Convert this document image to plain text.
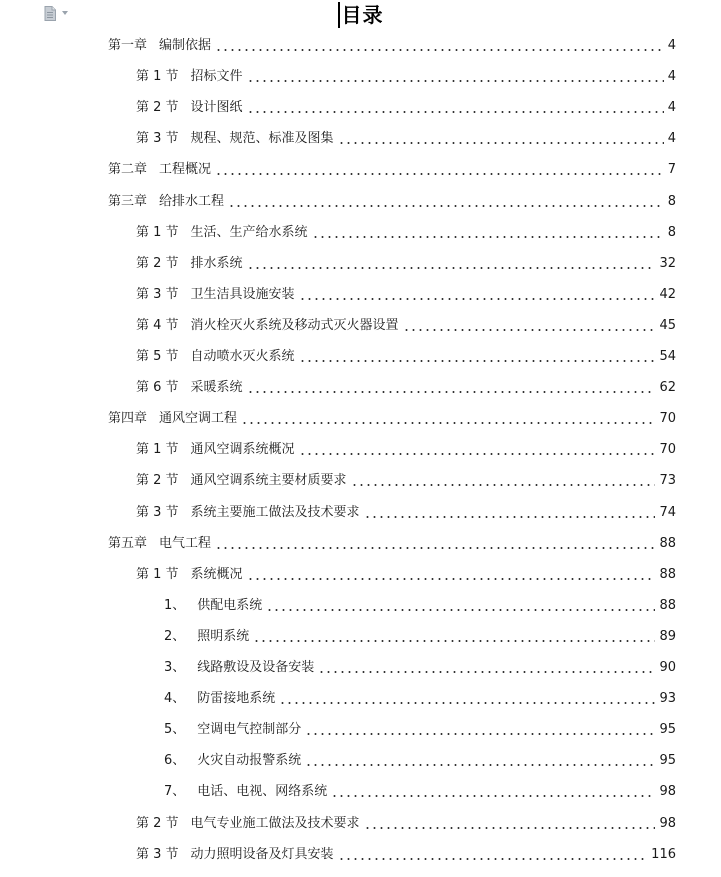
目录
第一章 编制依据	4
第 1 节 招标文件	4
第 2 节 设计图纸	4
第 3 节 规程、规范、标准及图集	4
第二章 工程概况	7
第三章 给排水工程	8
第 1 节 生活、生产给水系统	8
第 2 节 排水系统	32
第 3 节 卫生洁具设施安装	42
第 4 节 消火栓灭火系统及移动式灭火器设置	45
第 5 节 自动喷水灭火系统	54
第 6 节 采暖系统	62
第四章 通风空调工程	70
第 1 节 通风空调系统概况	70
第 2 节 通风空调系统主要材质要求	73
第 3 节 系统主要施工做法及技术要求	74
第五章 电气工程	88
第 1 节 系统概况	88
1、 供配电系统	88
2、 照明系统	89
3、 线路敷设及设备安装	90
4、 防雷接地系统	93
5、 空调电气控制部分	95
6、 火灾自动报警系统	95
7、 电话、电视、网络系统	98
第 2 节 电气专业施工做法及技术要求	98
第 3 节 动力照明设备及灯具安装	116
